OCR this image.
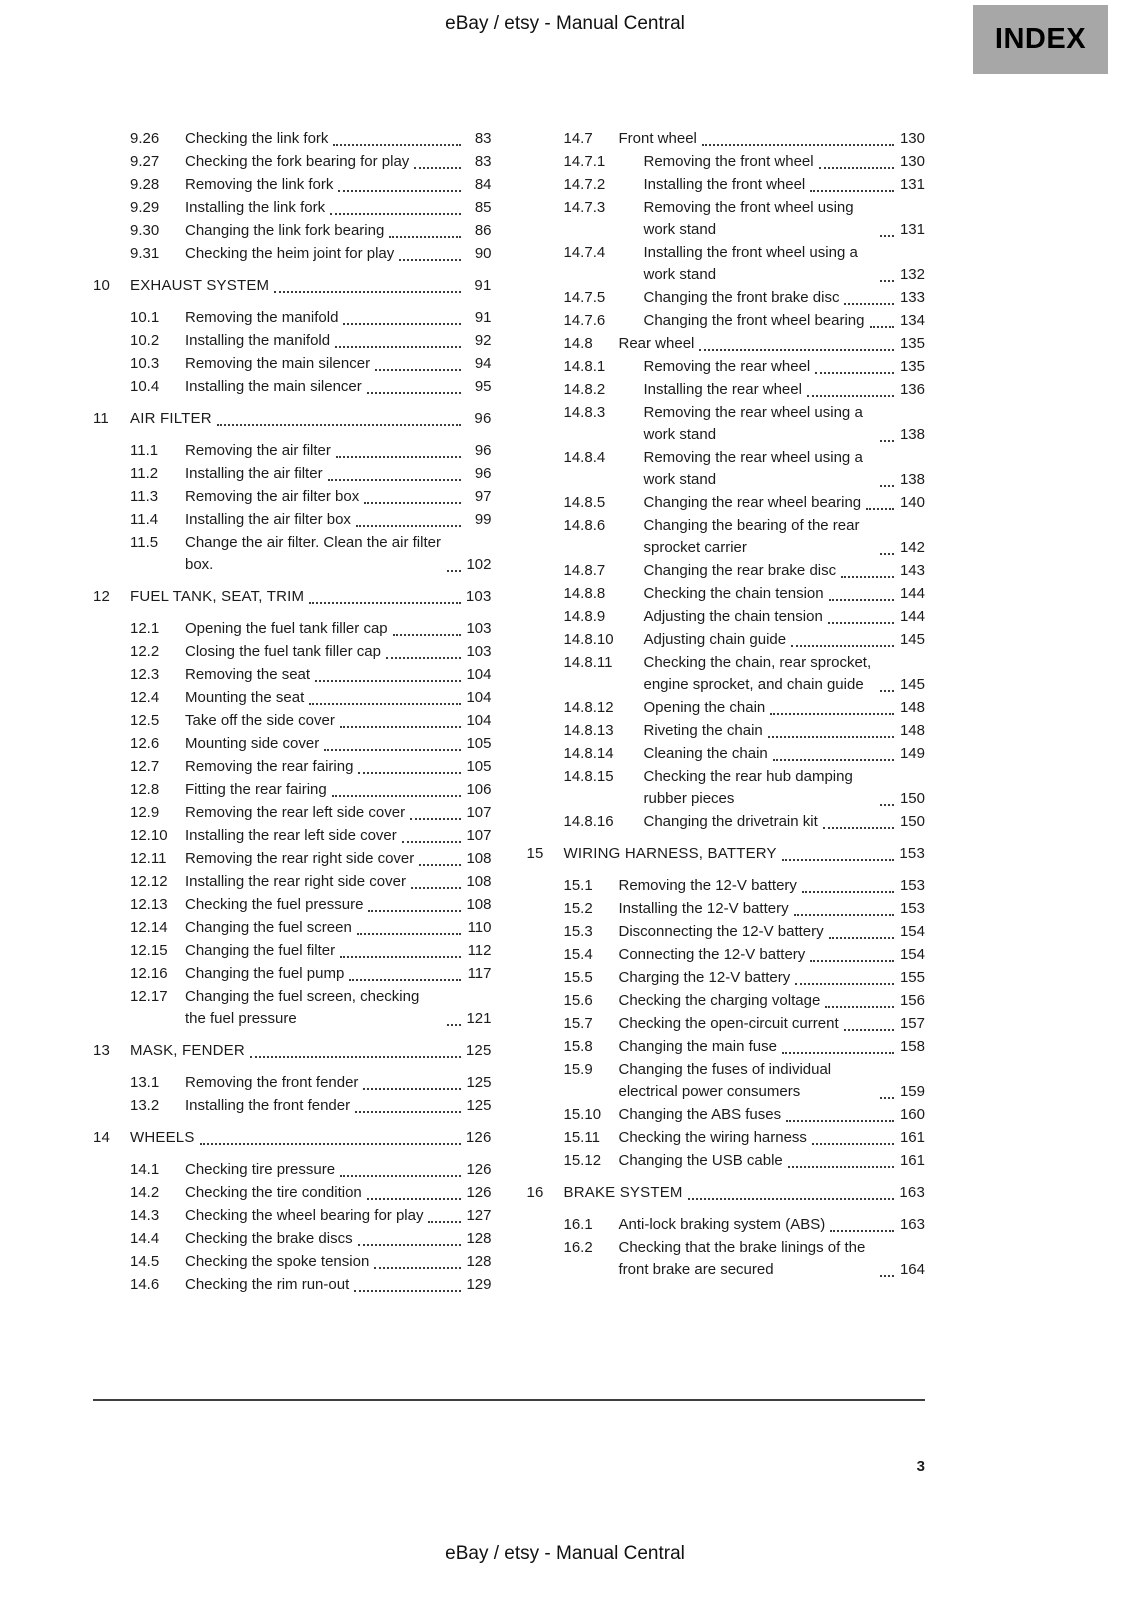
eBay / etsy - Manual Central	INDEX
9.26	Checking the link fork	83
9.27	Checking the fork bearing for play	83
9.28	Removing the link fork	84
9.29	Installing the link fork	85
9.30	Changing the link fork bearing	86
9.31	Checking the heim joint for play	90
10	EXHAUST SYSTEM	91
10.1	Removing the manifold	91
10.2	Installing the manifold	92
10.3	Removing the main silencer	94
10.4	Installing the main silencer	95
11	AIR FILTER	96
11.1	Removing the air filter	96
11.2	Installing the air filter	96
11.3	Removing the air filter box	97
11.4	Installing the air filter box	99
11.5	Change the air filter. Clean the air filter box.	102
12	FUEL TANK, SEAT, TRIM	103
12.1	Opening the fuel tank filler cap	103
12.2	Closing the fuel tank filler cap	103
12.3	Removing the seat	104
12.4	Mounting the seat	104
12.5	Take off the side cover	104
12.6	Mounting side cover	105
12.7	Removing the rear fairing	105
12.8	Fitting the rear fairing	106
12.9	Removing the rear left side cover	107
12.10	Installing the rear left side cover	107
12.11	Removing the rear right side cover	108
12.12	Installing the rear right side cover	108
12.13	Checking the fuel pressure	108
12.14	Changing the fuel screen	110
12.15	Changing the fuel filter	112
12.16	Changing the fuel pump	117
12.17	Changing the fuel screen, checking the fuel pressure	121
13	MASK, FENDER	125
13.1	Removing the front fender	125
13.2	Installing the front fender	125
14	WHEELS	126
14.1	Checking tire pressure	126
14.2	Checking the tire condition	126
14.3	Checking the wheel bearing for play	127
14.4	Checking the brake discs	128
14.5	Checking the spoke tension	128
14.6	Checking the rim run-out	129
14.7	Front wheel	130
14.7.1	Removing the front wheel	130
14.7.2	Installing the front wheel	131
14.7.3	Removing the front wheel using work stand	131
14.7.4	Installing the front wheel using a work stand	132
14.7.5	Changing the front brake disc	133
14.7.6	Changing the front wheel bearing 134
14.8	Rear wheel	135
14.8.1	Removing the rear wheel	135
14.8.2	Installing the rear wheel	136
14.8.3	Removing the rear wheel using a work stand	138
14.8.4	Removing the rear wheel using a work stand	138
14.8.5	Changing the rear wheel bearing	140
14.8.6	Changing the bearing of the rear sprocket carrier	142
14.8.7	Changing the rear brake disc	143
14.8.8	Checking the chain tension	144
14.8.9	Adjusting the chain tension	144
14.8.10	Adjusting chain guide	145
14.8.11	Checking the chain, rear sprocket, engine sprocket, and chain guide	145
14.8.12	Opening the chain	148
14.8.13	Riveting the chain	148
14.8.14	Cleaning the chain	149
14.8.15	Checking the rear hub damping rubber pieces	150
14.8.16	Changing the drivetrain kit	150
15	WIRING HARNESS, BATTERY	153
15.1	Removing the 12-V battery	153
15.2	Installing the 12-V battery	153
15.3	Disconnecting the 12-V battery	154
15.4	Connecting the 12-V battery	154
15.5	Charging the 12-V battery	155
15.6	Checking the charging voltage	156
15.7	Checking the open-circuit current	157
15.8	Changing the main fuse	158
15.9	Changing the fuses of individual electrical power consumers	159
15.10	Changing the ABS fuses	160
15.11	Checking the wiring harness	161
15.12	Changing the USB cable	161
16	BRAKE SYSTEM	163
16.1	Anti-lock braking system (ABS)	163
16.2	Checking that the brake linings of the front brake are secured	164
3
eBay / etsy - Manual Central
